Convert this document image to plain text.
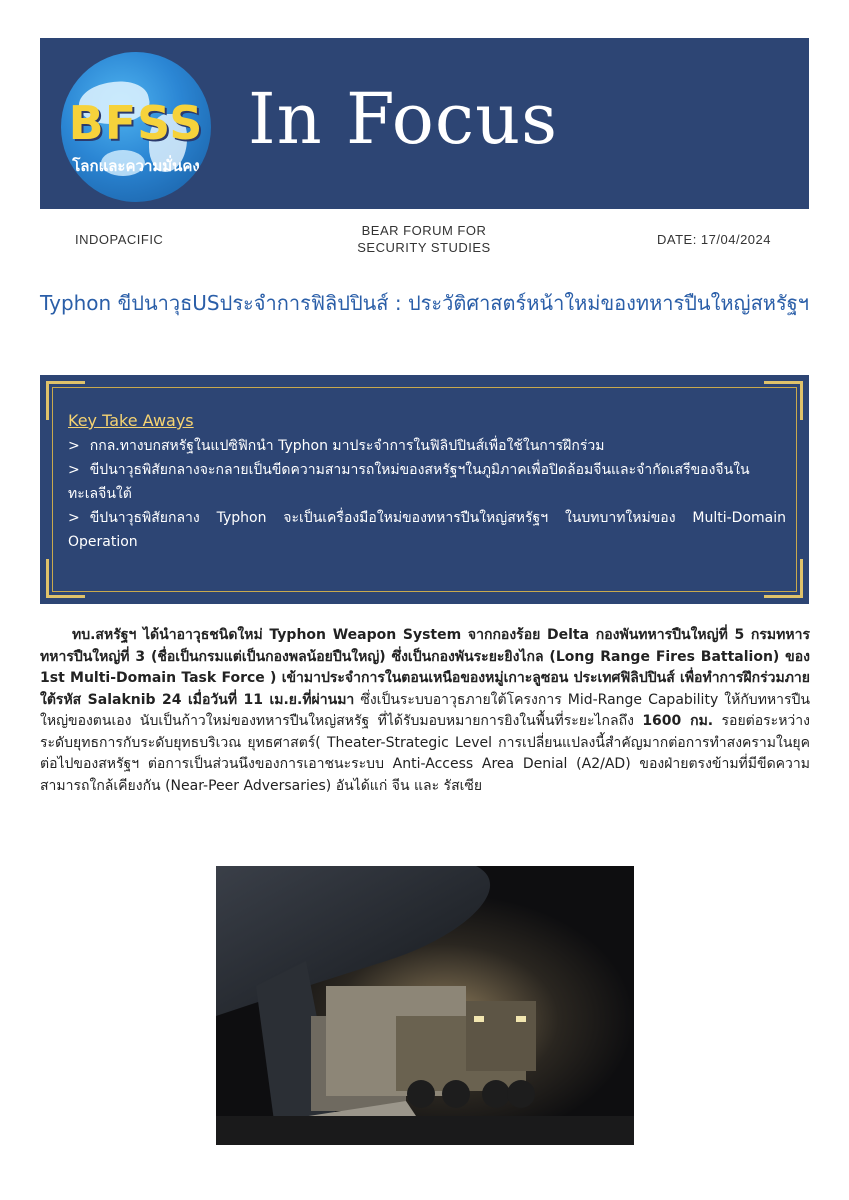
BFSS
โลกและความมั่นคง
In Focus
INDOPACIFIC
BEAR FORUM FOR
SECURITY STUDIES
DATE: 17/04/2024
Typhon ขีปนาวุธUSประจำการฟิลิปปินส์ : ประวัติศาสตร์หน้าใหม่ของทหารปืนใหญ่สหรัฐฯ
Key Take Aways
> กกล.ทางบกสหรัฐในแปซิฟิกนำ Typhon มาประจำการในฟิลิปปินส์เพื่อใช้ในการฝึกร่วม
> ขีปนาวุธพิสัยกลางจะกลายเป็นขีดความสามารถใหม่ของสหรัฐฯในภูมิภาคเพื่อปิดล้อมจีนและจำกัดเสรีของจีนในทะเลจีนใต้
> ขีปนาวุธพิสัยกลาง Typhon จะเป็นเครื่องมือใหม่ของทหารปืนใหญ่สหรัฐฯ ในบทบาทใหม่ของ Multi-Domain Operation
ทบ.สหรัฐฯ ได้นำอาวุธชนิดใหม่ Typhon Weapon System จากกองร้อย Delta กองพันทหารปืนใหญ่ที่ 5 กรมทหารทหารปืนใหญ่ที่ 3 (ชื่อเป็นกรมแต่เป็นกองพลน้อยปืนใหญ่) ซึ่งเป็นกองพันระยะยิงไกล (Long Range Fires Battalion) ของ 1st Multi-Domain Task Force ) เข้ามาประจำการในตอนเหนือของหมู่เกาะลูซอน ประเทศฟิลิปปินส์ เพื่อทำการฝึกร่วมภายใต้รหัส Salaknib 24 เมื่อวันที่ 11 เม.ย.ที่ผ่านมา ซึ่งเป็นระบบอาวุธภายใต้โครงการ Mid-Range Capability ให้กับทหารปืนใหญ่ของตนเอง นับเป็นก้าวใหม่ของทหารปืนใหญ่สหรัฐ ที่ได้รับมอบหมายการยิงในพื้นที่ระยะไกลถึง 1600 กม. รอยต่อระหว่างระดับยุทธการกับระดับยุทธบริเวณ ยุทธศาสตร์( Theater-Strategic Level การเปลี่ยนแปลงนี้สำคัญมากต่อการทำสงครามในยุคต่อไปของสหรัฐฯ ต่อการเป็นส่วนนึงของการเอาชนะระบบ Anti-Access Area Denial (A2/AD) ของฝ่ายตรงข้ามที่มีขีดความสามารถใกล้เคียงกัน (Near-Peer Adversaries) อันได้แก่ จีน และ รัสเซีย
